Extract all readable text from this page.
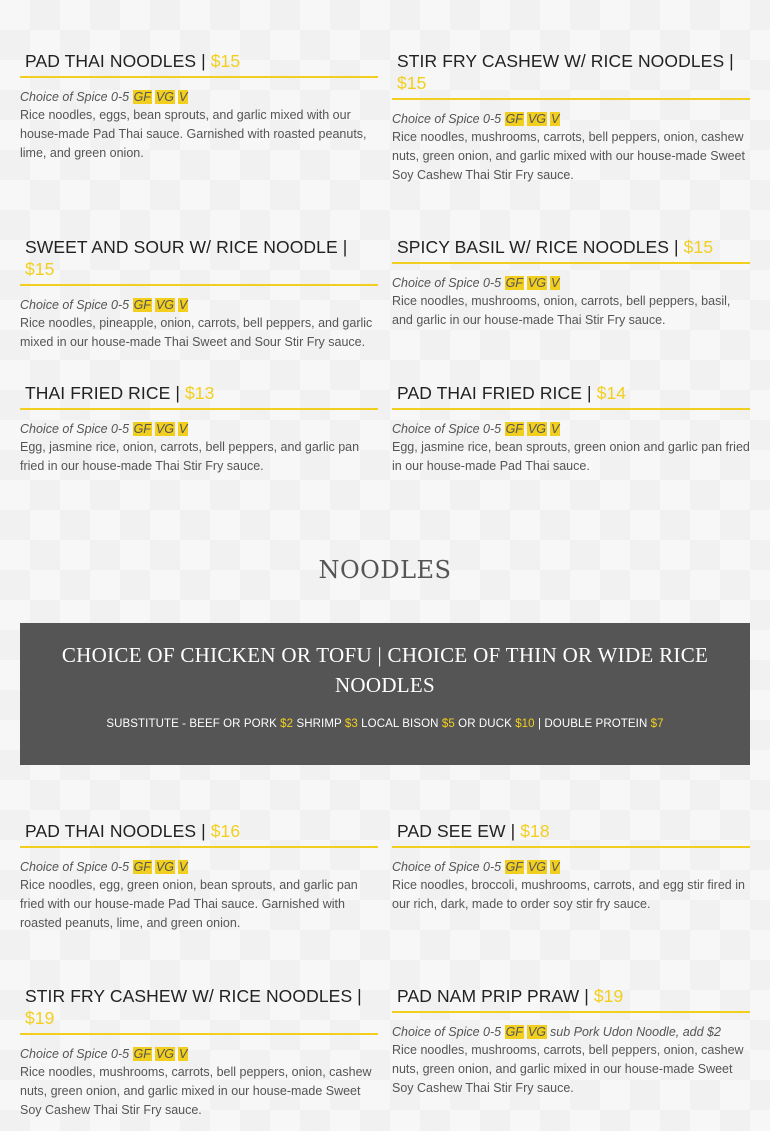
PAD THAI NOODLES | $15
Choice of Spice 0-5 GF VG V
Rice noodles, eggs, bean sprouts, and garlic mixed with our house-made Pad Thai sauce. Garnished with roasted peanuts, lime, and green onion.
STIR FRY CASHEW W/ RICE NOODLES | $15
Choice of Spice 0-5 GF VG V
Rice noodles, mushrooms, carrots, bell peppers, onion, cashew nuts, green onion, and garlic mixed with our house-made Sweet Soy Cashew Thai Stir Fry sauce.
SWEET AND SOUR W/ RICE NOODLE | $15
Choice of Spice 0-5 GF VG V
Rice noodles, pineapple, onion, carrots, bell peppers, and garlic mixed in our house-made Thai Sweet and Sour Stir Fry sauce.
SPICY BASIL W/ RICE NOODLES | $15
Choice of Spice 0-5 GF VG V
Rice noodles, mushrooms, onion, carrots, bell peppers, basil, and garlic in our house-made Thai Stir Fry sauce.
THAI FRIED RICE | $13
Choice of Spice 0-5 GF VG V
Egg, jasmine rice, onion, carrots, bell peppers, and garlic pan fried in our house-made Thai Stir Fry sauce.
PAD THAI FRIED RICE | $14
Choice of Spice 0-5 GF VG V
Egg, jasmine rice, bean sprouts, green onion and garlic pan fried in our house-made Pad Thai sauce.
NOODLES
CHOICE OF CHICKEN OR TOFU | CHOICE OF THIN OR WIDE RICE NOODLES
SUBSTITUTE - BEEF OR PORK $2 SHRIMP $3 LOCAL BISON $5 OR DUCK $10 | DOUBLE PROTEIN $7
PAD THAI NOODLES | $16
Choice of Spice 0-5 GF VG V
Rice noodles, egg, green onion, bean sprouts, and garlic pan fried with our house-made Pad Thai sauce. Garnished with roasted peanuts, lime, and green onion.
PAD SEE EW | $18
Choice of Spice 0-5 GF VG V
Rice noodles, broccoli, mushrooms, carrots, and egg stir fired in our rich, dark, made to order soy stir fry sauce.
STIR FRY CASHEW W/ RICE NOODLES | $19
Choice of Spice 0-5 GF VG V
Rice noodles, mushrooms, carrots, bell peppers, onion, cashew nuts, green onion, and garlic mixed in our house-made Sweet Soy Cashew Thai Stir Fry sauce.
PAD NAM PRIP PRAW | $19
Choice of Spice 0-5 GF VG sub Pork Udon Noodle, add $2
Rice noodles, mushrooms, carrots, bell peppers, onion, cashew nuts, green onion, and garlic mixed in our house-made Sweet Soy Cashew Thai Stir Fry sauce.
